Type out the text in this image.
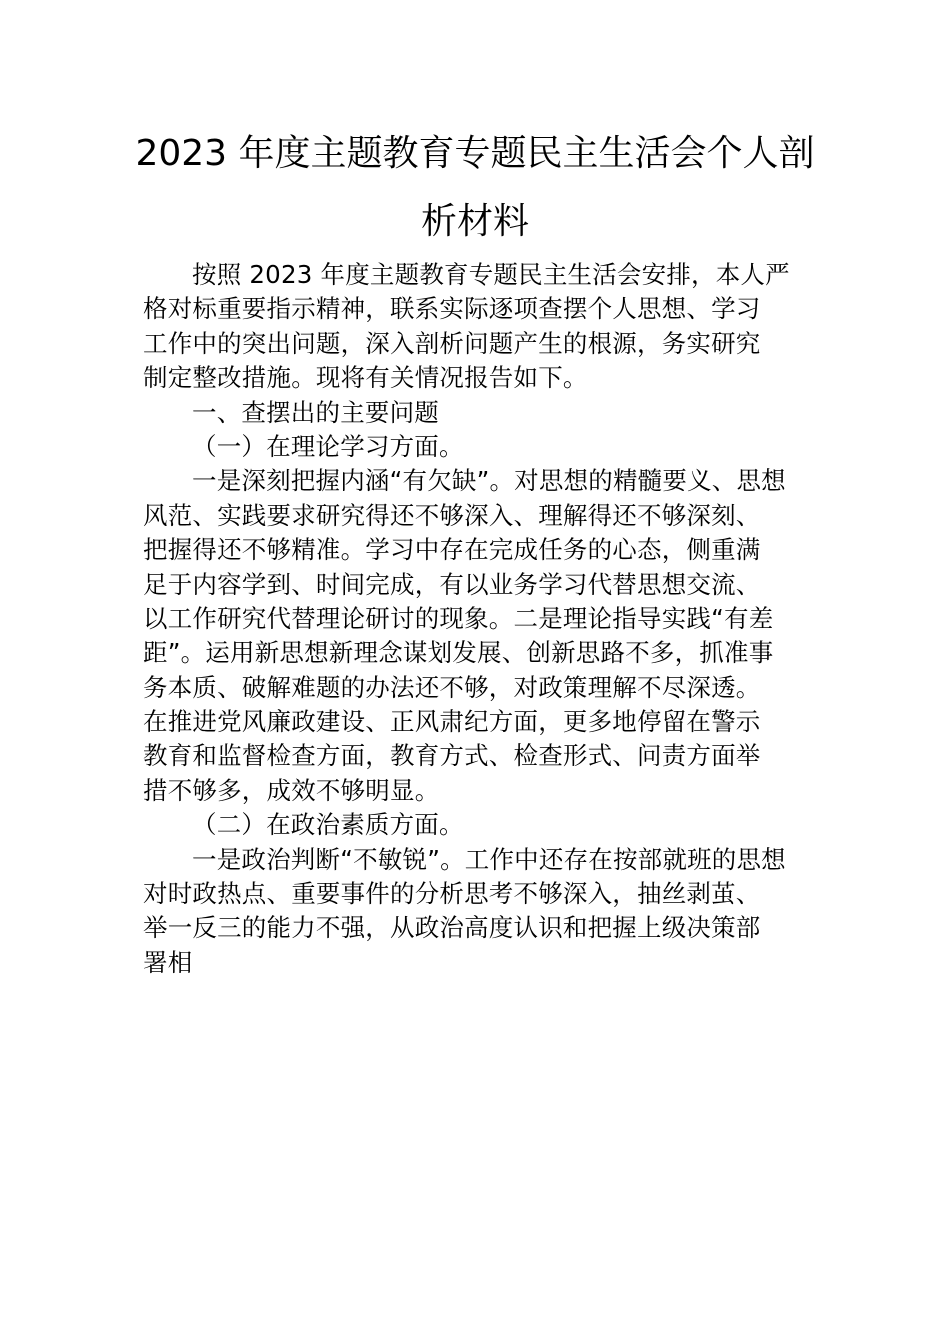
2023 年度主题教育专题民主生活会个人剖
析材料

按照 2023 年度主题教育专题民主生活会安排，本人严

格对标重要指示精神，联系实际逐项查摆个人思想、学习

工作中的突出问题，深入剖析问题产生的根源，务实研究

制定整改措施。现将有关情况报告如下。

一、查摆出的主要问题

（一）在理论学习方面。

一是深刻把握内涵“有欠缺”。对思想的精髓要义、思想

风范、实践要求研究得还不够深入、理解得还不够深刻、

把握得还不够精准。学习中存在完成任务的心态，侧重满

足于内容学到、时间完成，有以业务学习代替思想交流、

以工作研究代替理论研讨的现象。二是理论指导实践“有差

距”。运用新思想新理念谋划发展、创新思路不多，抓准事

务本质、破解难题的办法还不够，对政策理解不尽深透。

在推进党风廉政建设、正风肃纪方面，更多地停留在警示

教育和监督检查方面，教育方式、检查形式、问责方面举

措不够多，成效不够明显。

（二）在政治素质方面。

一是政治判断“不敏锐”。工作中还存在按部就班的思想

对时政热点、重要事件的分析思考不够深入，抽丝剥茧、

举一反三的能力不强，从政治高度认识和把握上级决策部

署相
